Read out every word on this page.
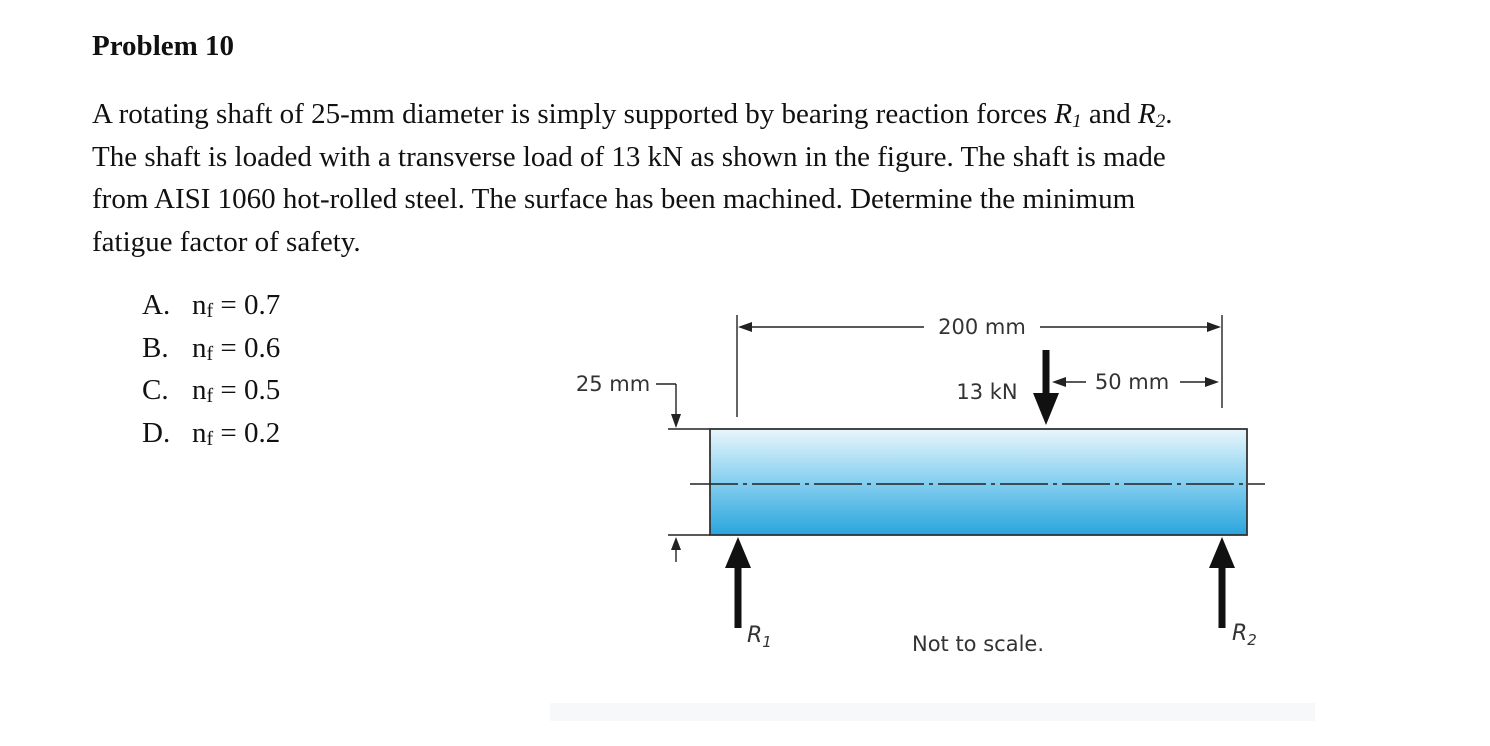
Problem 10
A rotating shaft of 25-mm diameter is simply supported by bearing reaction forces $R_1$ and $R_2$.
The shaft is loaded with a transverse load of 13 kN as shown in the figure. The shaft is made
from AISI 1060 hot-rolled steel. The surface has been machined. Determine the minimum
fatigue factor of safety.
A. nf = 0.7
B. nf = 0.6
C. nf = 0.5
D. nf = 0.2
200 mm
50 mm
13 kN
25 mm
$R_1$	$R_2$
Not to scale.
